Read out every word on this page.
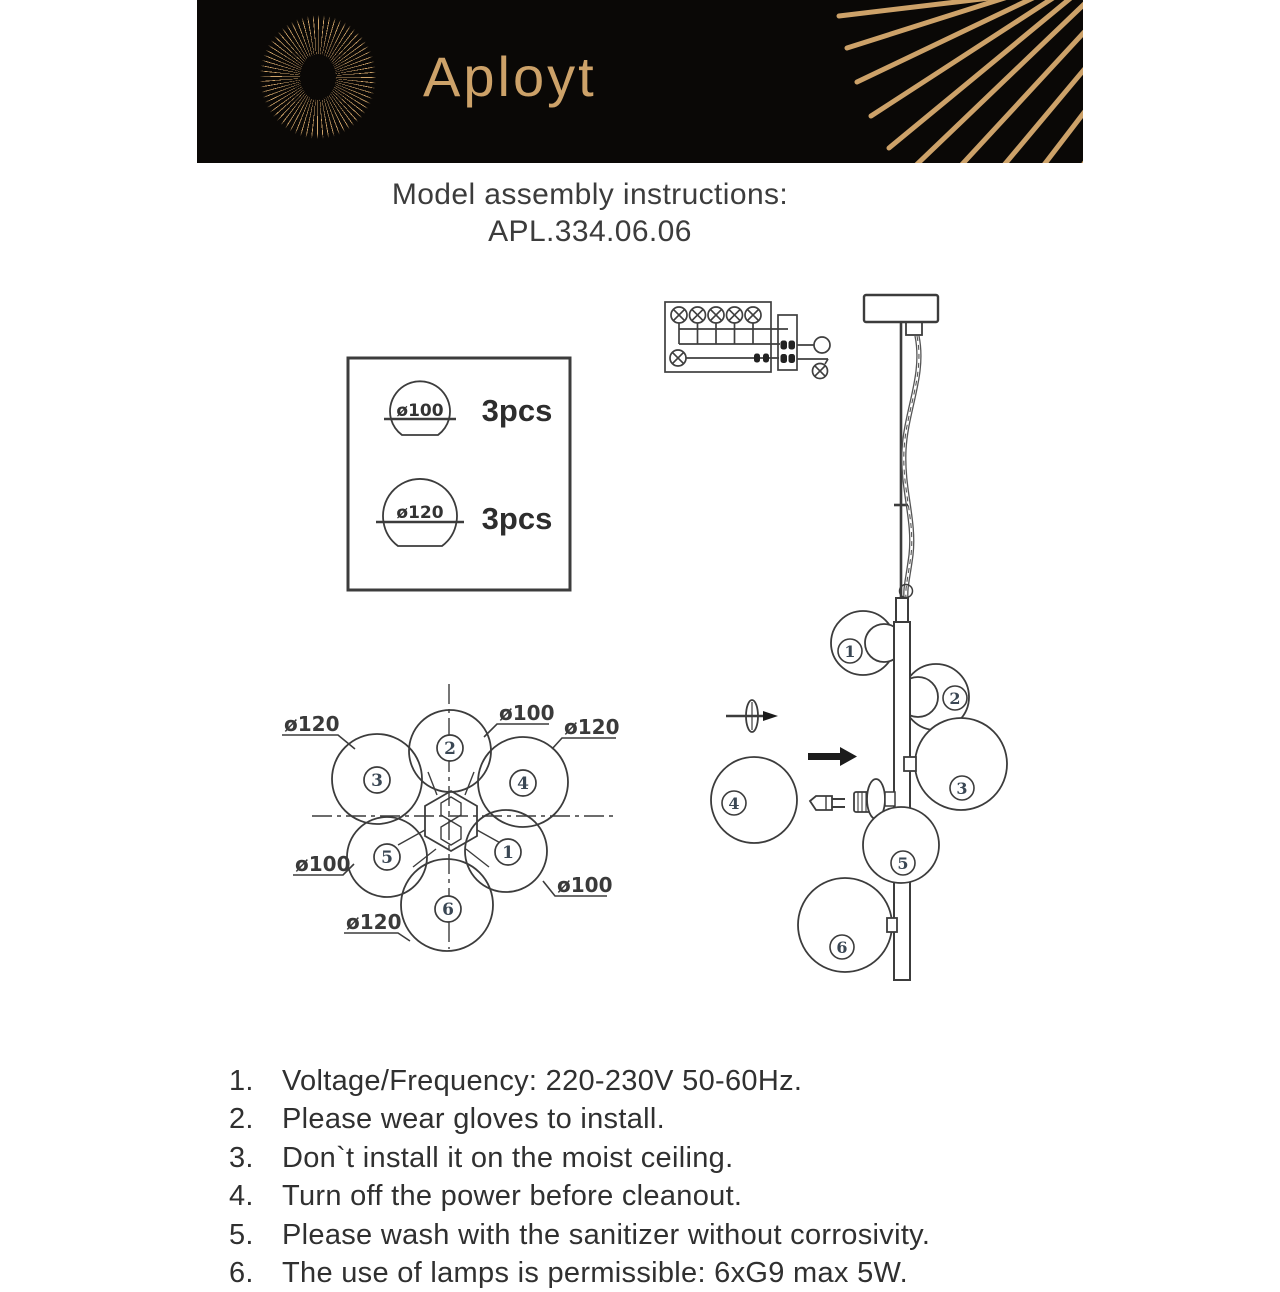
Aployt
Model assembly instructions:
APL.334.06.06
ø100 3pcs
ø120 3pcs
1
2
3
4
5
6
ø120	ø100
ø120
ø100
ø100
ø120
2
3	4
5	1
6
1. Voltage/Frequency: 220-230V 50-60Hz.
2. Please wear gloves to install.
3. Don`t install it on the moist ceiling.
4. Turn off the power before cleanout.
5. Please wash with the sanitizer without corrosivity.
6. The use of lamps is permissible: 6xG9 max 5W.
